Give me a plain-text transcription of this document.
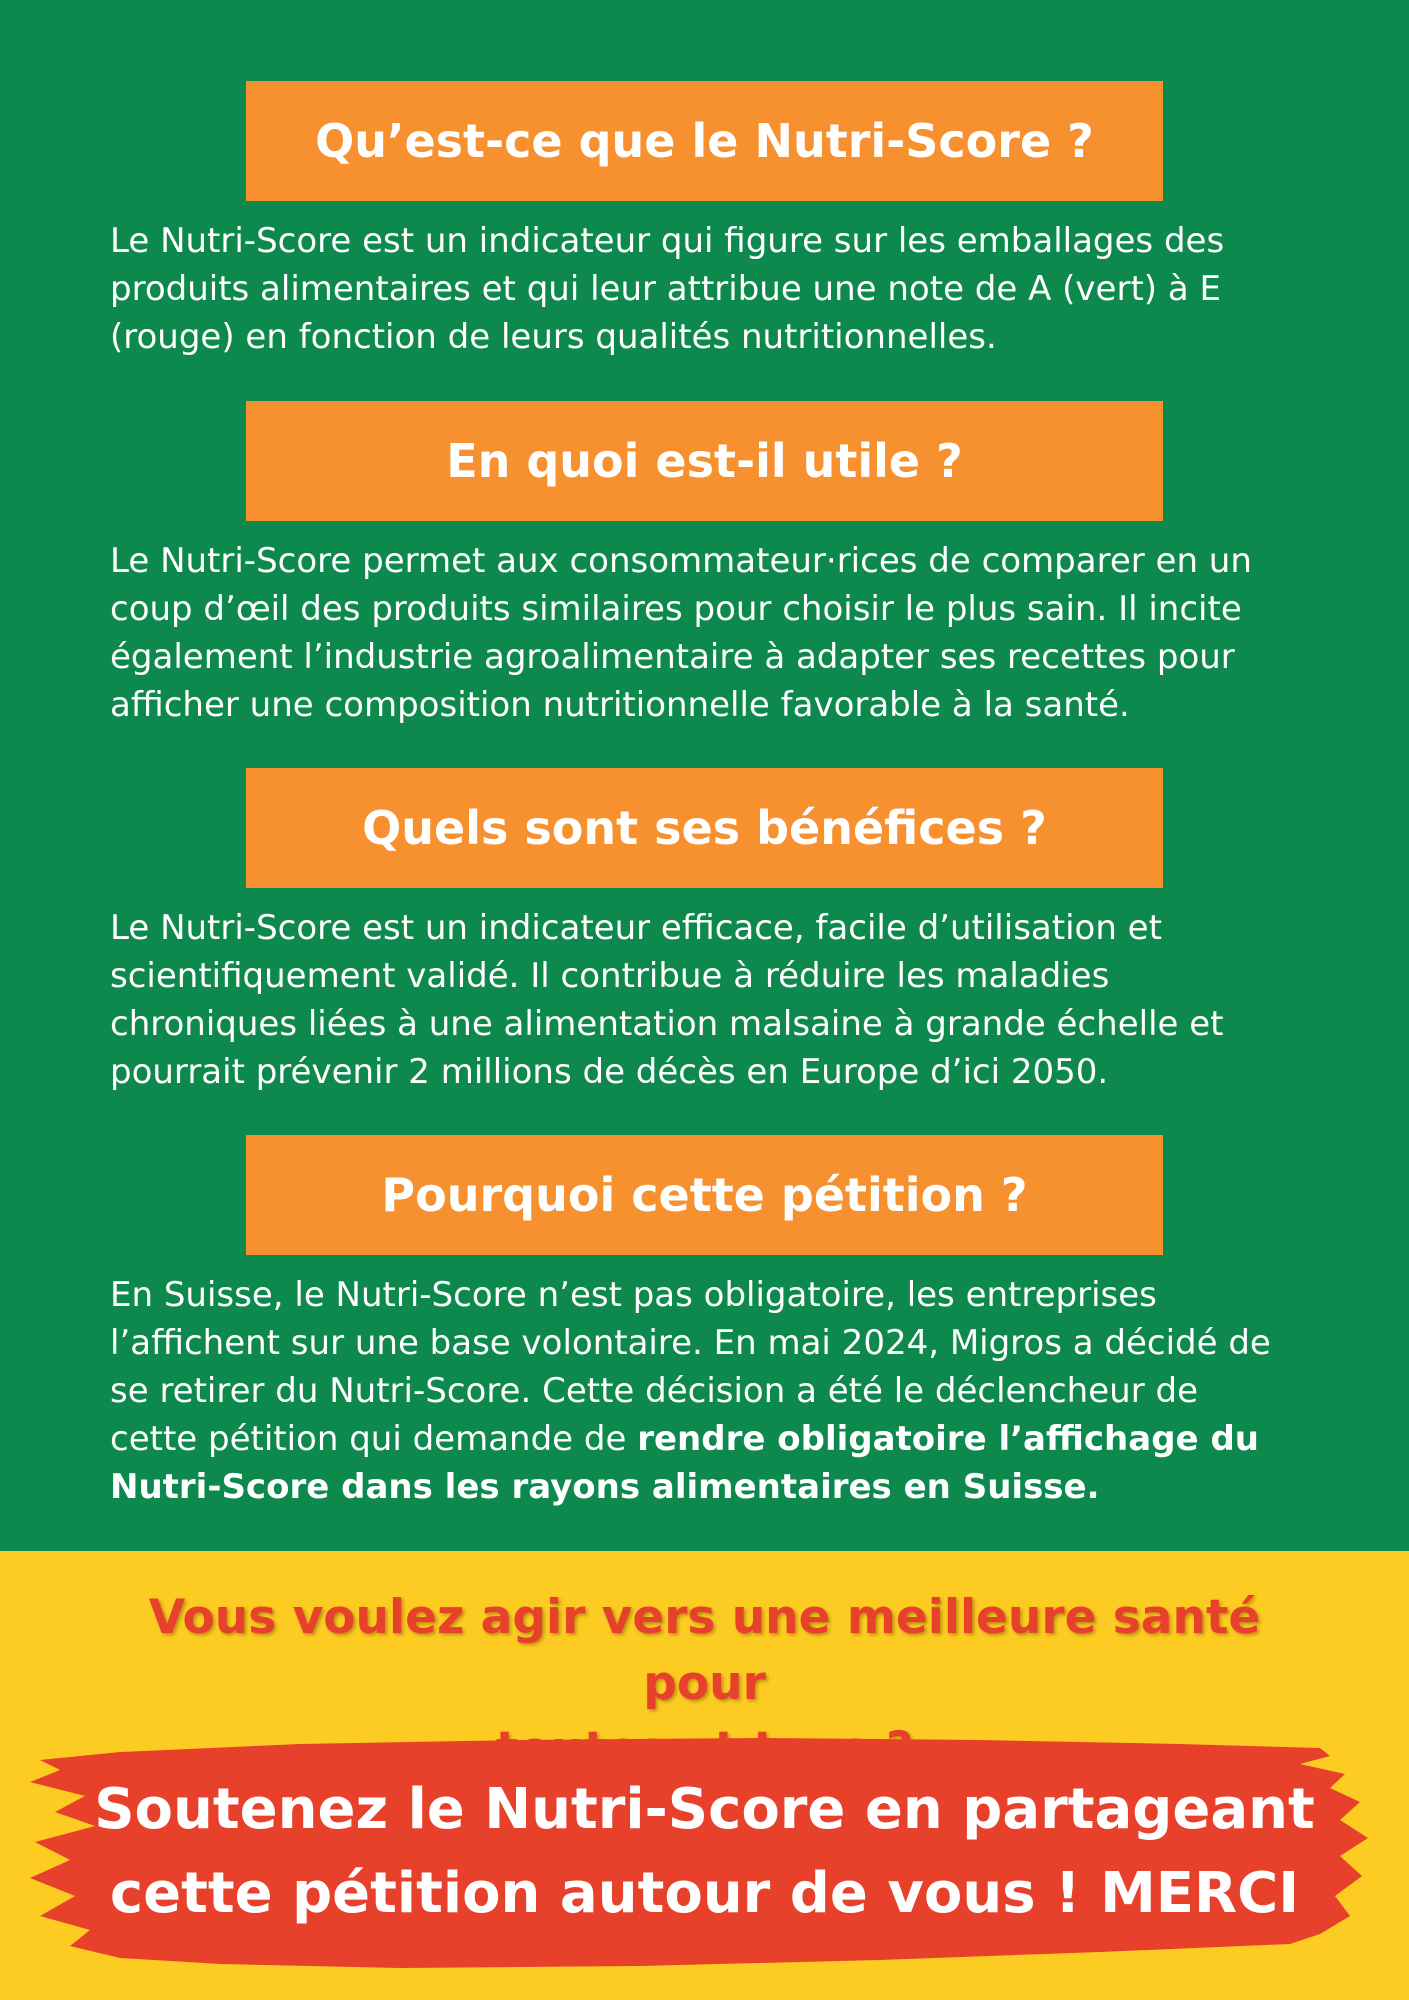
Qu’est-ce que le Nutri-Score ?

Le Nutri-Score est un indicateur qui figure sur les emballages des
produits alimentaires et qui leur attribue une note de A (vert) à E
(rouge) en fonction de leurs qualités nutritionnelles.

En quoi est-il utile ?

Le Nutri-Score permet aux consommateur·rices de comparer en un
coup d’œil des produits similaires pour choisir le plus sain. Il incite
également l’industrie agroalimentaire à adapter ses recettes pour
afficher une composition nutritionnelle favorable à la santé.

Quels sont ses bénéfices ?

Le Nutri-Score est un indicateur efficace, facile d’utilisation et
scientifiquement validé. Il contribue à réduire les maladies
chroniques liées à une alimentation malsaine à grande échelle et
pourrait prévenir 2 millions de décès en Europe d’ici 2050.

Pourquoi cette pétition ?

En Suisse, le Nutri-Score n’est pas obligatoire, les entreprises
l’affichent sur une base volontaire. En mai 2024, Migros a décidé de
se retirer du Nutri-Score. Cette décision a été le déclencheur de
cette pétition qui demande de rendre obligatoire l’affichage du
Nutri-Score dans les rayons alimentaires en Suisse.

Vous voulez agir vers une meilleure santé pour

Soutenez le Nutri-Score en partageant
cette pétition autour de vous ! MERCI
